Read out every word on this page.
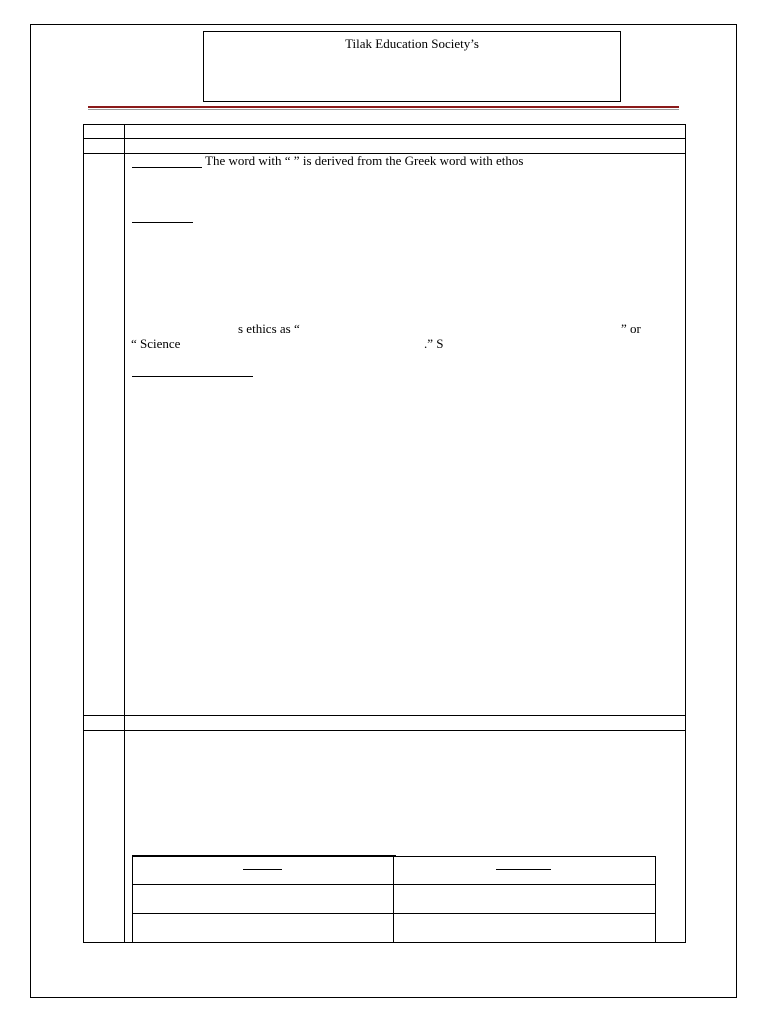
Tilak Education Society’s
The word with “ ” is derived from the Greek word with ethos
s ethics as “	” or
“ Science	.” S
